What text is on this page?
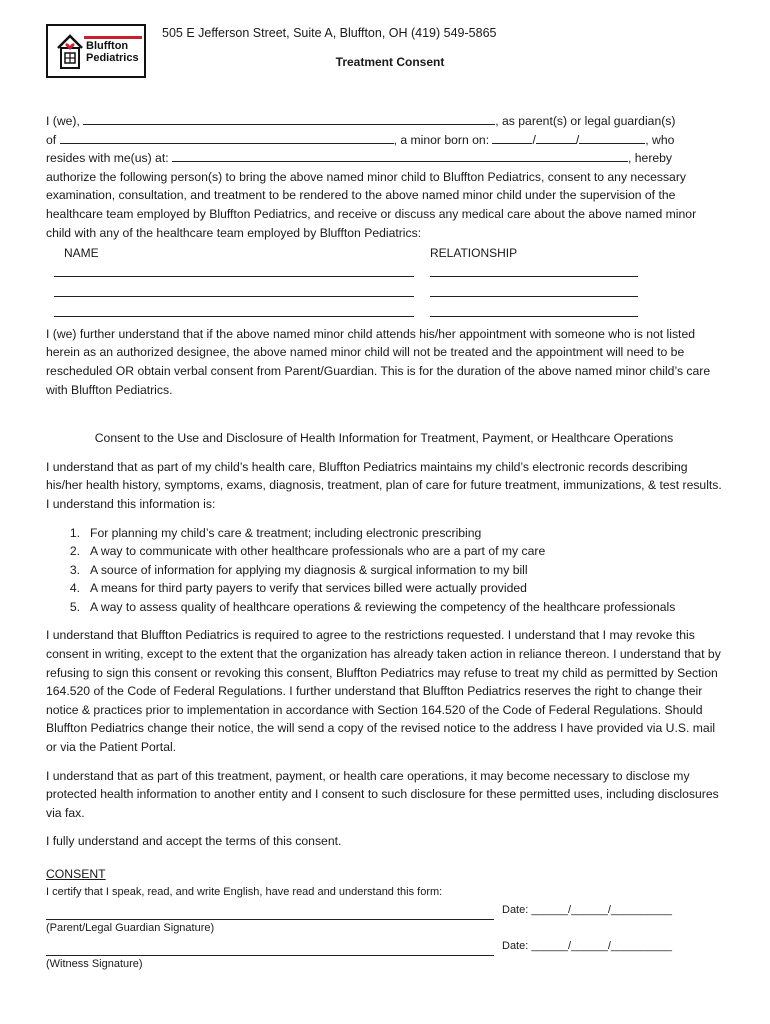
Bluffton
Pediatrics
505 E Jefferson Street, Suite A, Bluffton, OH (419) 549-5865
Treatment Consent

I (we),	, as parent(s) or legal guardian(s)

of	, a minor born on:	/	/	, who

resides with me(us) at:	, hereby

authorize the following person(s) to bring the above named minor child to Bluffton Pediatrics, consent to any necessary examination, consultation, and treatment to be rendered to the above named minor child under the supervision of the healthcare team employed by Bluffton Pediatrics, and receive or discuss any medical care about the above named minor child with any of the healthcare team employed by Bluffton Pediatrics:

NAME	RELATIONSHIP

I (we) further understand that if the above named minor child attends his/her appointment with someone who is not listed herein as an authorized designee, the above named minor child will not be treated and the appointment will need to be rescheduled OR obtain verbal consent from Parent/Guardian. This is for the duration of the above named minor child’s care with Bluffton Pediatrics.

Consent to the Use and Disclosure of Health Information for Treatment, Payment, or Healthcare Operations

I understand that as part of my child’s health care, Bluffton Pediatrics maintains my child’s electronic records describing his/her health history, symptoms, exams, diagnosis, treatment, plan of care for future treatment, immunizations, & test results. I understand this information is:

1. For planning my child’s care & treatment; including electronic prescribing
2. A way to communicate with other healthcare professionals who are a part of my care
3. A source of information for applying my diagnosis & surgical information to my bill
4. A means for third party payers to verify that services billed were actually provided
5. A way to assess quality of healthcare operations & reviewing the competency of the healthcare professionals

I understand that Bluffton Pediatrics is required to agree to the restrictions requested. I understand that I may revoke this consent in writing, except to the extent that the organization has already taken action in reliance thereon. I understand that by refusing to sign this consent or revoking this consent, Bluffton Pediatrics may refuse to treat my child as permitted by Section 164.520 of the Code of Federal Regulations. I further understand that Bluffton Pediatrics reserves the right to change their notice & practices prior to implementation in accordance with Section 164.520 of the Code of Federal Regulations. Should Bluffton Pediatrics change their notice, the will send a copy of the revised notice to the address I have provided via U.S. mail or via the Patient Portal.

I understand that as part of this treatment, payment, or health care operations, it may become necessary to disclose my protected health information to another entity and I consent to such disclosure for these permitted uses, including disclosures via fax.

I fully understand and accept the terms of this consent.

CONSENT

I certify that I speak, read, and write English, have read and understand this form:

Date: ______/______/__________

(Parent/Legal Guardian Signature)

Date: ______/______/__________

(Witness Signature)
